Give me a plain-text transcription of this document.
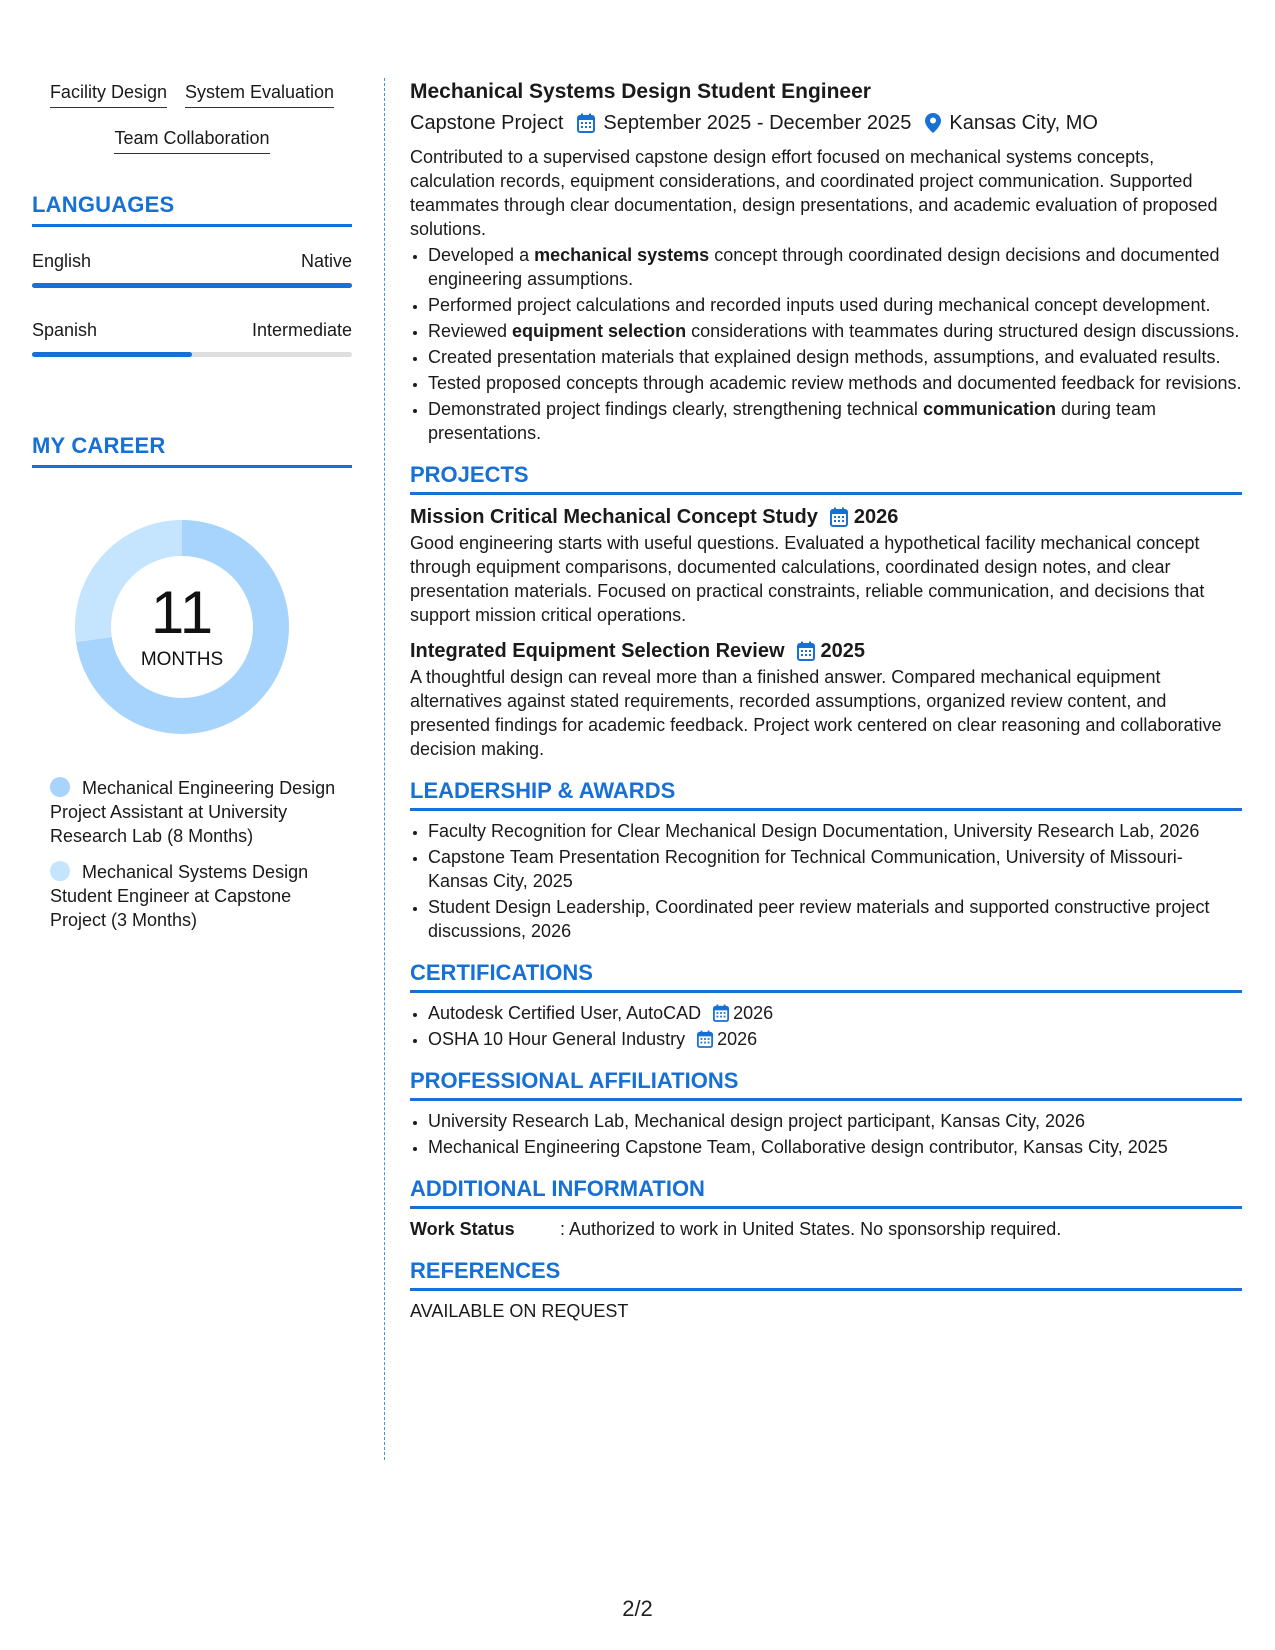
Facility Design System Evaluation
Team Collaboration
LANGUAGES
English	Native
Spanish	Intermediate
MY CAREER
11
MONTHS
Mechanical Engineering Design Project Assistant at University Research Lab (8 Months)
Mechanical Systems Design Student Engineer at Capstone Project (3 Months)
Mechanical Systems Design Student Engineer
Capstone Project September 2025 - December 2025 Kansas City, MO
Contributed to a supervised capstone design effort focused on mechanical systems concepts, calculation records, equipment considerations, and coordinated project communication. Supported teammates through clear documentation, design presentations, and academic evaluation of proposed solutions.
• Developed a mechanical systems concept through coordinated design decisions and documented engineering assumptions.
• Performed project calculations and recorded inputs used during mechanical concept development.
• Reviewed equipment selection considerations with teammates during structured design discussions.
• Created presentation materials that explained design methods, assumptions, and evaluated results.
• Tested proposed concepts through academic review methods and documented feedback for revisions.
• Demonstrated project findings clearly, strengthening technical communication during team presentations.
PROJECTS
Mission Critical Mechanical Concept Study 2026
Good engineering starts with useful questions. Evaluated a hypothetical facility mechanical concept through equipment comparisons, documented calculations, coordinated design notes, and clear presentation materials. Focused on practical constraints, reliable communication, and decisions that support mission critical operations.
Integrated Equipment Selection Review 2025
A thoughtful design can reveal more than a finished answer. Compared mechanical equipment alternatives against stated requirements, recorded assumptions, organized review content, and presented findings for academic feedback. Project work centered on clear reasoning and collaborative decision making.
LEADERSHIP & AWARDS
• Faculty Recognition for Clear Mechanical Design Documentation, University Research Lab, 2026
• Capstone Team Presentation Recognition for Technical Communication, University of Missouri-Kansas City, 2025
• Student Design Leadership, Coordinated peer review materials and supported constructive project discussions, 2026
CERTIFICATIONS
• Autodesk Certified User, AutoCAD 2026
• OSHA 10 Hour General Industry 2026
PROFESSIONAL AFFILIATIONS
• University Research Lab, Mechanical design project participant, Kansas City, 2026
• Mechanical Engineering Capstone Team, Collaborative design contributor, Kansas City, 2025
ADDITIONAL INFORMATION
Work Status	: Authorized to work in United States. No sponsorship required.
REFERENCES
AVAILABLE ON REQUEST
2/2
